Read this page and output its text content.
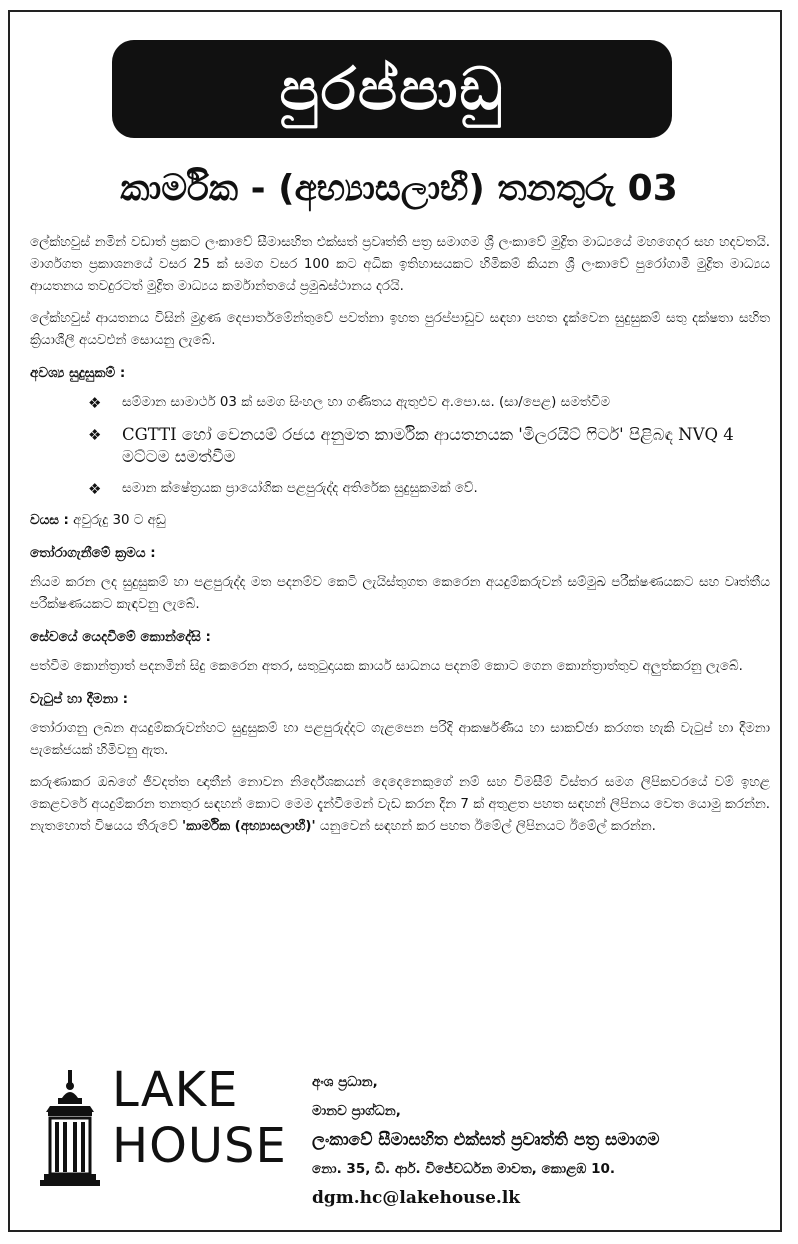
පුරප්පාඩු
කාර්මික - (අභ්‍යාසලාභී) තනතුරු 03

ලේක්හවුස් නමින් වඩාත් ප්‍රකට ලංකාවේ සීමාසහිත එක්සත් ප්‍රවෘත්ති පත්‍ර සමාගම ශ්‍රී ලංකාවේ මුද්‍රිත මාධ්‍යයේ මහගෙදර සහ හදවතයි. මාර්ගගත ප්‍රකාශනයේ වසර 25 ක් සමග වසර 100 කට අධික ඉතිහාසයකට හිමිකම් කියන ශ්‍රී ලංකාවේ පුරෝගාමී මුද්‍රිත මාධ්‍යය ආයතනය තවදුරටත් මුද්‍රිත මාධ්‍යය කර්මාන්තයේ ප්‍රමුඛස්ථානය දරයි.

ලේක්හවුස් ආයතනය විසින් මුද්‍රණ දෙපාර්තමේන්තුවේ පවත්නා ඉහත පුරප්පාඩුව සඳහා පහත දැක්වෙන සුදුසුකම් සතු දක්ෂතා සහිත ක්‍රියාශීලී අයවළුන් සොයනු ලැබේ.

අවශ්‍ය සුදුසුකම් :
❖ සම්මාන සාමාර්ථ 03 ක් සමග සිංහල හා ගණිතය ඇතුළුව අ.පො.ස. (සා/පෙළ) සමත්වීම
❖ CGTTI හෝ වෙනයම් රජය අනුමත කාර්මික ආයතනයක 'මිලරයිට් ෆිටර්' පිළිබඳ NVQ 4 මට්ටම සමත්වීම
❖ සමාන ක්ෂේත්‍රයක ප්‍රායෝගික පළපුරුද්ද අතිරේක සුදුසුකමක් වේ.
වයස : අවුරුදු 30 ට අඩු
තෝරාගැනීමේ ක්‍රමය :

නියම කරන ලද සුදුසුකම් හා පළපුරුද්ද මත පදනම්ව කෙටි ලැයිස්තුගත කෙරෙන අයදුම්කරුවන් සම්මුඛ පරීක්ෂණයකට සහ වෘත්තීය පරීක්ෂණයකට කැඳවනු ලැබේ.

සේවයේ යෙදවීමේ කොන්දේසි :

පත්වීම කොන්ත්‍රාත් පදනමින් සිදු කෙරෙන අතර, සතුටුදායක කාර්ය සාධනය පදනම් කොට ගෙන කොන්ත්‍රාත්තුව අලුත්කරනු ලැබේ.

වැටුප් හා දීමනා :

තෝරාගනු ලබන අයදුම්කරුවන්හට සුදුසුකම් හා පළපුරුද්දට ගැළපෙන පරිදි ආකර්ෂණීය හා සාකච්ඡා කරගත හැකි වැටුප් හා දීමනා පැකේජයක් හිමිවනු ඇත.

කරුණාකර ඔබගේ ජීවදත්ත ඥාතීන් නොවන නිර්දේශකයන් දෙදෙනෙකුගේ නම් සහ විමසීම් විස්තර සමග ලිපිකවරයේ වම් ඉහළ කෙළවරේ අයදුම්කරන තනතුර සඳහන් කොට මෙම දැන්වීමෙන් වැඩ කරන දින 7 ක් අතුළත පහත සඳහන් ලිපිනය වෙත යොමු කරන්න. නැතහොත් විෂයය තීරුවේ 'කාර්මික (අභ්‍යාසලාභී)' යනුවෙන් සඳහන් කර පහත ඊමේල් ලිපිනයට ඊමේල් කරන්න.

LAKE
HOUSE
අංශ ප්‍රධාන,
මානව ප්‍රාග්ධන,
ලංකාවේ සීමාසහිත එක්සත් ප්‍රවෘත්ති පත්‍ර සමාගම
නො. 35, ඩී. ආර්. විජේවර්ධන මාවත, කොළඹ 10.
dgm.hc@lakehouse.lk
